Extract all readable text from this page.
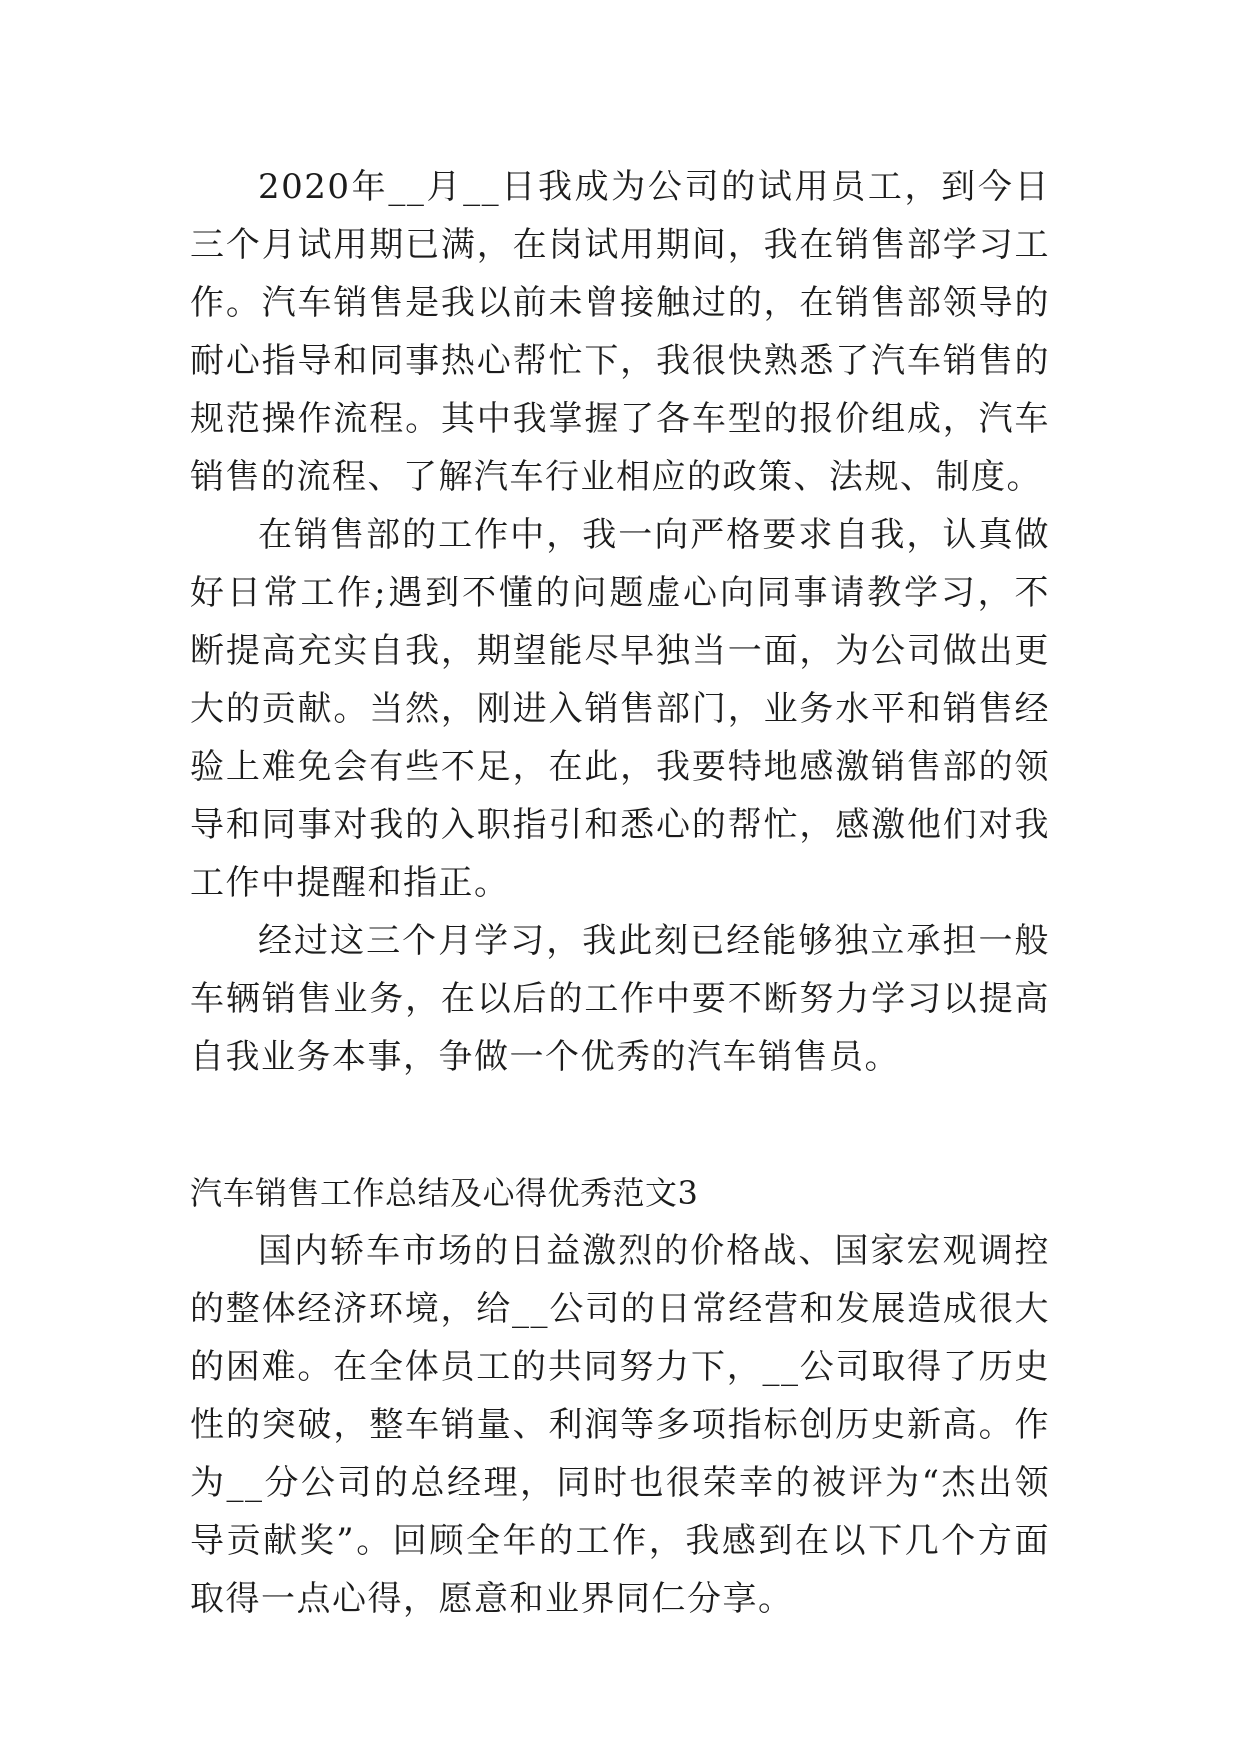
2020年__月__日我成为公司的试用员工，到今日三个月试用期已满，在岗试用期间，我在销售部学习工作。汽车销售是我以前未曾接触过的，在销售部领导的耐心指导和同事热心帮忙下，我很快熟悉了汽车销售的规范操作流程。其中我掌握了各车型的报价组成，汽车销售的流程、了解汽车行业相应的政策、法规、制度。

在销售部的工作中，我一向严格要求自我，认真做好日常工作;遇到不懂的问题虚心向同事请教学习，不断提高充实自我，期望能尽早独当一面，为公司做出更大的贡献。当然，刚进入销售部门，业务水平和销售经验上难免会有些不足，在此，我要特地感激销售部的领导和同事对我的入职指引和悉心的帮忙，感激他们对我工作中提醒和指正。

经过这三个月学习，我此刻已经能够独立承担一般车辆销售业务，在以后的工作中要不断努力学习以提高自我业务本事，争做一个优秀的汽车销售员。

汽车销售工作总结及心得优秀范文3

国内轿车市场的日益激烈的价格战、国家宏观调控的整体经济环境，给__公司的日常经营和发展造成很大的困难。在全体员工的共同努力下，__公司取得了历史性的突破，整车销量、利润等多项指标创历史新高。作为__分公司的总经理，同时也很荣幸的被评为“杰出领导贡献奖”。回顾全年的工作，我感到在以下几个方面取得一点心得，愿意和业界同仁分享。
